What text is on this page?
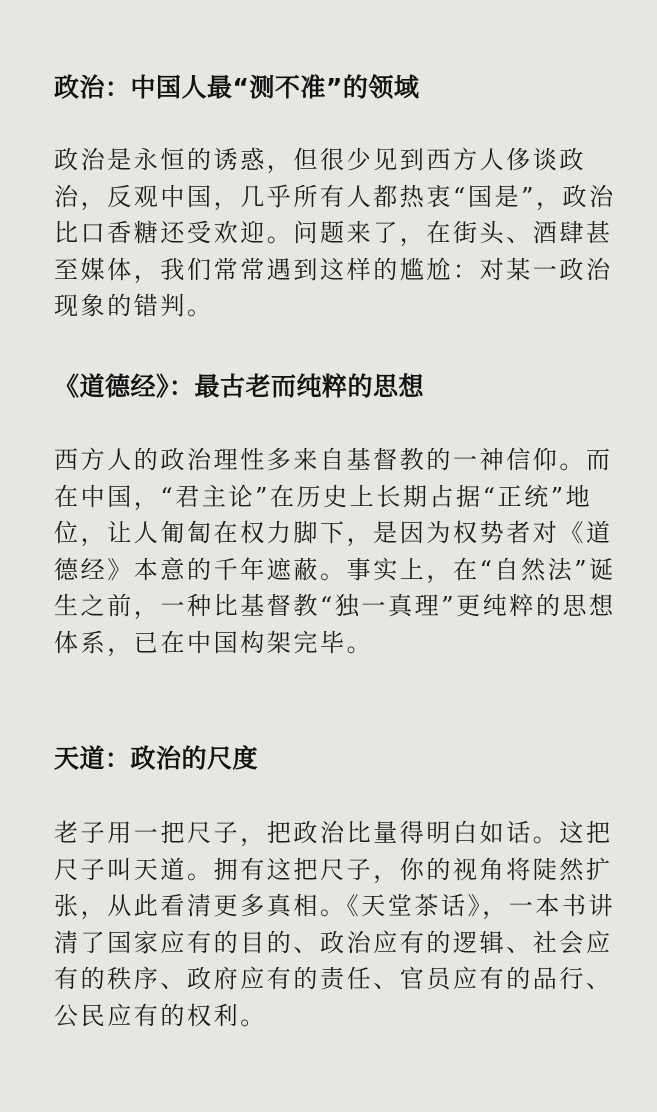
政治：中国人最“测不准”的领域

政治是永恒的诱惑，但很少见到西方人侈谈政治，反观中国，几乎所有人都热衷“国是”，政治比口香糖还受欢迎。问题来了，在街头、酒肆甚至媒体，我们常常遇到这样的尴尬：对某一政治现象的错判。

《道德经》：最古老而纯粹的思想

西方人的政治理性多来自基督教的一神信仰。而在中国，“君主论”在历史上长期占据“正统”地位，让人匍匐在权力脚下，是因为权势者对《道德经》本意的千年遮蔽。事实上，在“自然法”诞生之前，一种比基督教“独一真理”更纯粹的思想体系，已在中国构架完毕。

天道：政治的尺度

老子用一把尺子，把政治比量得明白如话。这把尺子叫天道。拥有这把尺子，你的视角将陡然扩张，从此看清更多真相。《天堂茶话》，一本书讲清了国家应有的目的、政治应有的逻辑、社会应有的秩序、政府应有的责任、官员应有的品行、公民应有的权利。
